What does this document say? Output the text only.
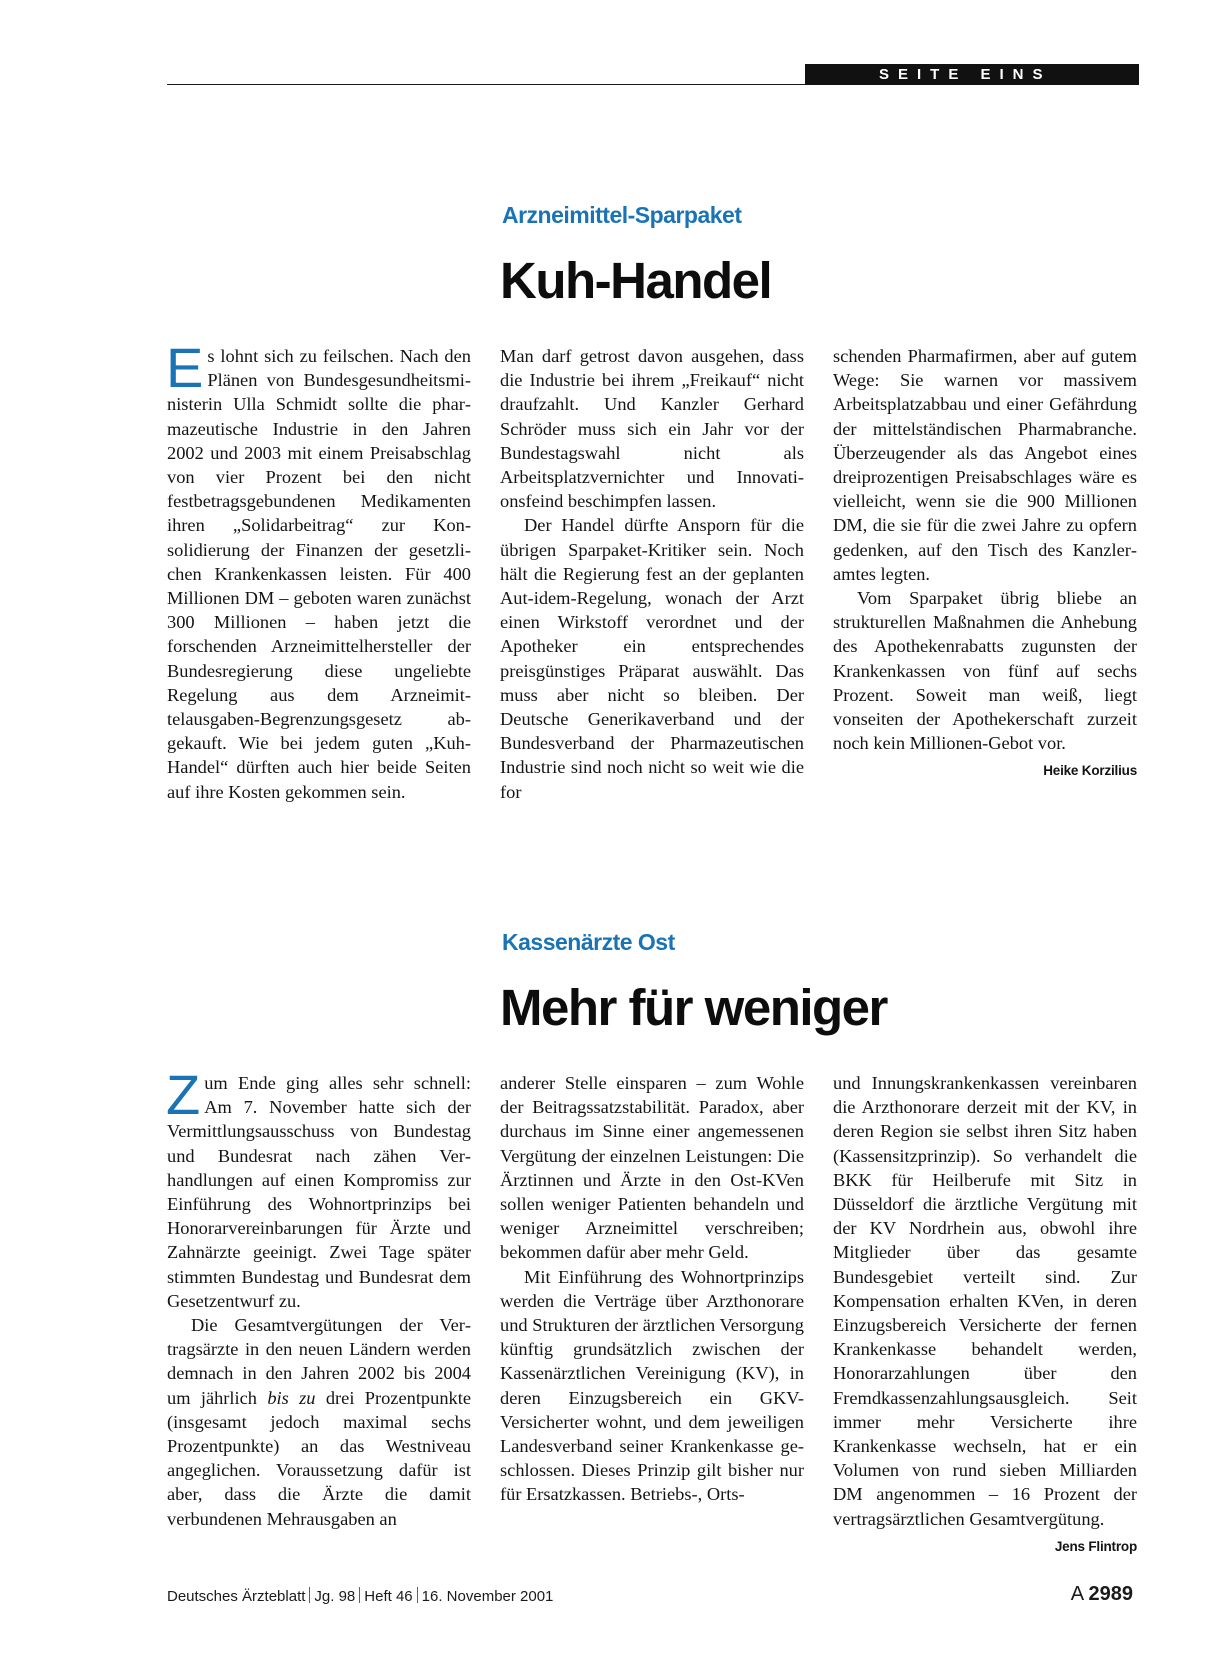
SEITE EINS
Arzneimittel-Sparpaket
Kuh-Handel

Es lohnt sich zu feilschen. Nach den Plänen von Bundesgesundheitsministerin Ulla Schmidt sollte die pharmazeutische Industrie in den Jahren 2002 und 2003 mit einem Preisabschlag von vier Prozent bei den nicht festbetragsgebundenen Medikamenten ihren „Solidarbeitrag“ zur Konsolidierung der Finanzen der gesetzlichen Krankenkassen leisten. Für 400 Millionen DM – geboten waren zunächst 300 Millionen – haben jetzt die forschenden Arzneimittelhersteller der Bundesregierung diese ungeliebte Regelung aus dem Arzneimittelausgaben-Begrenzungsgesetz abgekauft. Wie bei jedem guten „Kuh-Handel“ dürften auch hier beide Seiten auf ihre Kosten gekommen sein.

Man darf getrost davon ausgehen, dass die Industrie bei ihrem „Freikauf“ nicht draufzahlt. Und Kanzler Gerhard Schröder muss sich ein Jahr vor der Bundestagswahl nicht als Arbeitsplatzvernichter und Innovationsfeind beschimpfen lassen.

Der Handel dürfte Ansporn für die übrigen Sparpaket-Kritiker sein. Noch hält die Regierung fest an der geplanten Aut-idem-Regelung, wonach der Arzt einen Wirkstoff verordnet und der Apotheker ein entsprechendes preisgünstiges Präparat auswählt. Das muss aber nicht so bleiben. Der Deutsche Generikaverband und der Bundesverband der Pharmazeutischen Industrie sind noch nicht so weit wie die for

schenden Pharmafirmen, aber auf gutem Wege: Sie warnen vor massivem Arbeitsplatzabbau und einer Gefährdung der mittelständischen Pharmabranche. Überzeugender als das Angebot eines dreiprozentigen Preisabschlages wäre es vielleicht, wenn sie die 900 Millionen DM, die sie für die zwei Jahre zu opfern gedenken, auf den Tisch des Kanzleramtes legten.

Vom Sparpaket übrig bliebe an strukturellen Maßnahmen die Anhebung des Apothekenrabatts zugunsten der Krankenkassen von fünf auf sechs Prozent. Soweit man weiß, liegt vonseiten der Apothekerschaft zurzeit noch kein Millionen-Gebot vor.
Heike Korzilius

Kassenärzte Ost
Mehr für weniger

Zum Ende ging alles sehr schnell: Am 7. November hatte sich der Vermittlungsausschuss von Bundestag und Bundesrat nach zähen Verhandlungen auf einen Kompromiss zur Einführung des Wohnortprinzips bei Honorarvereinbarungen für Ärzte und Zahnärzte geeinigt. Zwei Tage später stimmten Bundestag und Bundesrat dem Gesetzentwurf zu.

Die Gesamtvergütungen der Vertragsärzte in den neuen Ländern werden demnach in den Jahren 2002 bis 2004 um jährlich bis zu drei Prozentpunkte (insgesamt jedoch maximal sechs Prozentpunkte) an das Westniveau angeglichen. Voraussetzung dafür ist aber, dass die Ärzte die damit verbundenen Mehrausgaben an

anderer Stelle einsparen – zum Wohle der Beitragssatzstabilität. Paradox, aber durchaus im Sinne einer angemessenen Vergütung der einzelnen Leistungen: Die Ärztinnen und Ärzte in den Ost-KVen sollen weniger Patienten behandeln und weniger Arzneimittel verschreiben; bekommen dafür aber mehr Geld.

Mit Einführung des Wohnortprinzips werden die Verträge über Arzthonorare und Strukturen der ärztlichen Versorgung künftig grundsätzlich zwischen der Kassenärztlichen Vereinigung (KV), in deren Einzugsbereich ein GKV-Versicherter wohnt, und dem jeweiligen Landesverband seiner Krankenkasse geschlossen. Dieses Prinzip gilt bisher nur für Ersatzkassen. Betriebs-, Orts-

und Innungskrankenkassen vereinbaren die Arzthonorare derzeit mit der KV, in deren Region sie selbst ihren Sitz haben (Kassensitzprinzip). So verhandelt die BKK für Heilberufe mit Sitz in Düsseldorf die ärztliche Vergütung mit der KV Nordrhein aus, obwohl ihre Mitglieder über das gesamte Bundesgebiet verteilt sind. Zur Kompensation erhalten KVen, in deren Einzugsbereich Versicherte der fernen Krankenkasse behandelt werden, Honorarzahlungen über den Fremdkassenzahlungsausgleich. Seit immer mehr Versicherte ihre Krankenkasse wechseln, hat er ein Volumen von rund sieben Milliarden DM angenommen – 16 Prozent der vertragsärztlichen Gesamtvergütung.
Jens Flintrop

Deutsches Ärzteblatt Jg. 98 Heft 46 16. November 2001	A 2989
